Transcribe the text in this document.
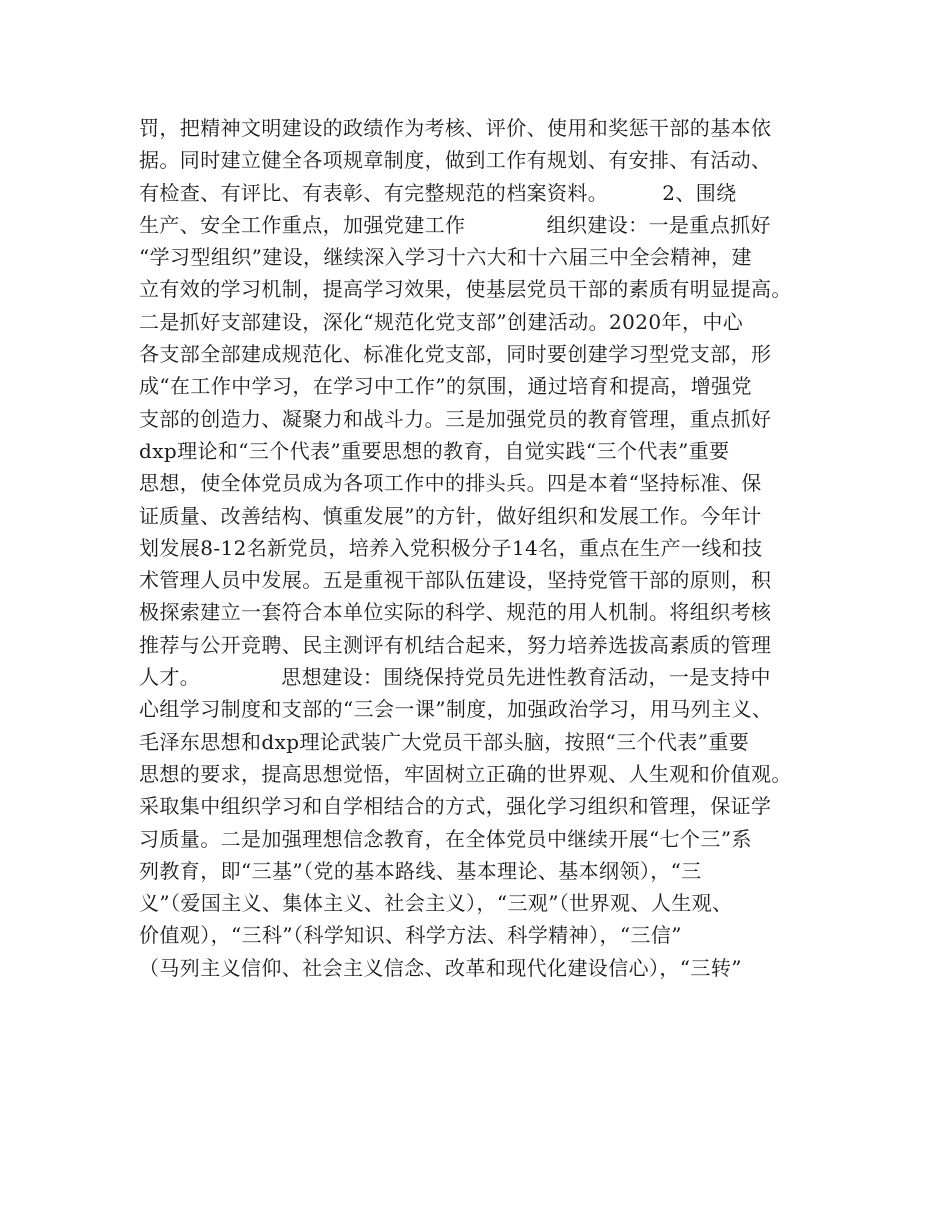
罚，把精神文明建设的政绩作为考核、评价、使用和奖惩干部的基本依
据。同时建立健全各项规章制度，做到工作有规划、有安排、有活动、
有检查、有评比、有表彰、有完整规范的档案资料。        2、围绕
生产、安全工作重点，加强党建工作            组织建设：一是重点抓好
“学习型组织”建设，继续深入学习十六大和十六届三中全会精神，建
立有效的学习机制，提高学习效果，使基层党员干部的素质有明显提高。
二是抓好支部建设，深化“规范化党支部”创建活动。2020年，中心
各支部全部建成规范化、标准化党支部，同时要创建学习型党支部，形
成“在工作中学习，在学习中工作”的氛围，通过培育和提高，增强党
支部的创造力、凝聚力和战斗力。三是加强党员的教育管理，重点抓好
dxp理论和“三个代表”重要思想的教育，自觉实践“三个代表”重要
思想，使全体党员成为各项工作中的排头兵。四是本着“坚持标准、保
证质量、改善结构、慎重发展”的方针，做好组织和发展工作。今年计
划发展8-12名新党员，培养入党积极分子14名，重点在生产一线和技
术管理人员中发展。五是重视干部队伍建设，坚持党管干部的原则，积
极探索建立一套符合本单位实际的科学、规范的用人机制。将组织考核
推荐与公开竞聘、民主测评有机结合起来，努力培养选拔高素质的管理
人才。            思想建设：围绕保持党员先进性教育活动，一是支持中
心组学习制度和支部的“三会一课”制度，加强政治学习，用马列主义、
毛泽东思想和dxp理论武装广大党员干部头脑，按照“三个代表”重要
思想的要求，提高思想觉悟，牢固树立正确的世界观、人生观和价值观。
采取集中组织学习和自学相结合的方式，强化学习组织和管理，保证学
习质量。二是加强理想信念教育，在全体党员中继续开展“七个三”系
列教育，即“三基”（党的基本路线、基本理论、基本纲领），“三
义”（爱国主义、集体主义、社会主义），“三观”（世界观、人生观、
价值观），“三科”（科学知识、科学方法、科学精神），“三信”
（马列主义信仰、社会主义信念、改革和现代化建设信心），“三转”
